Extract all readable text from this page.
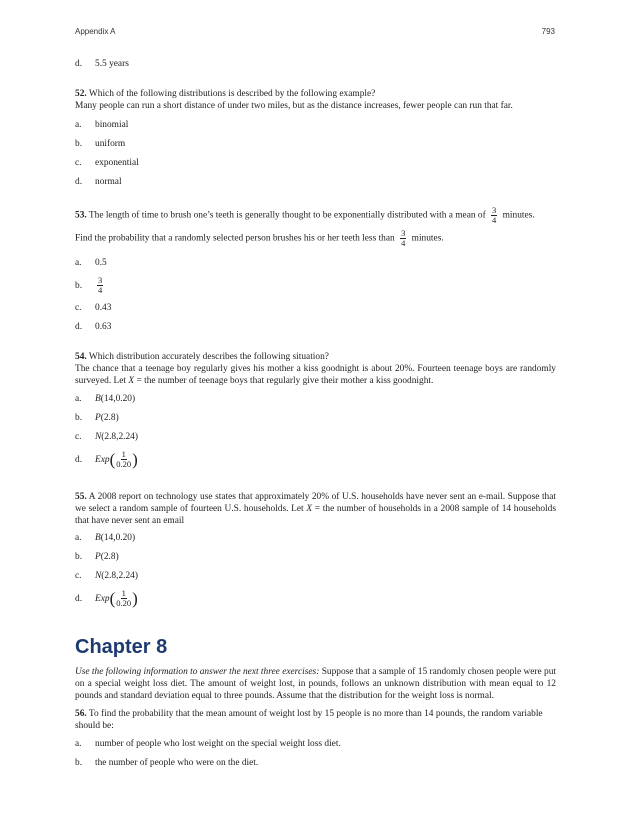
Appendix A	793
d.	5.5 years

52. Which of the following distributions is described by the following example?

Many people can run a short distance of under two miles, but as the distance increases, fewer people can run that far.

a.	binomial
b.	uniform
c.	exponential
d.	normal

53. The length of time to brush one’s teeth is generally thought to be exponentially distributed with a mean of $\frac{3}{4}$ minutes.

Find the probability that a randomly selected person brushes his or her teeth less than $\frac{3}{4}$ minutes.

a.	0.5
b.	$\frac{3}{4}$
c.	0.43
d.	0.63

54. Which distribution accurately describes the following situation?

The chance that a teenage boy regularly gives his mother a kiss goodnight is about 20%. Fourteen teenage boys are randomly surveyed. Let X = the number of teenage boys that regularly give their mother a kiss goodnight.

a.	B(14,0.20)
b.	P(2.8)
c.	N(2.8,2.24)
d.	Exp ( $\frac{1}{0.20}$ )

55. A 2008 report on technology use states that approximately 20% of U.S. households have never sent an e-mail. Suppose that we select a random sample of fourteen U.S. households. Let X = the number of households in a 2008 sample of 14 households that have never sent an email

a.	B(14,0.20)
b.	P(2.8)
c.	N(2.8,2.24)
d.	Exp ( $\frac{1}{0.20}$ )
Chapter 8

Use the following information to answer the next three exercises: Suppose that a sample of 15 randomly chosen people were put on a special weight loss diet. The amount of weight lost, in pounds, follows an unknown distribution with mean equal to 12 pounds and standard deviation equal to three pounds. Assume that the distribution for the weight loss is normal.

56. To find the probability that the mean amount of weight lost by 15 people is no more than 14 pounds, the random variable should be:

a.	number of people who lost weight on the special weight loss diet.
b.	the number of people who were on the diet.
